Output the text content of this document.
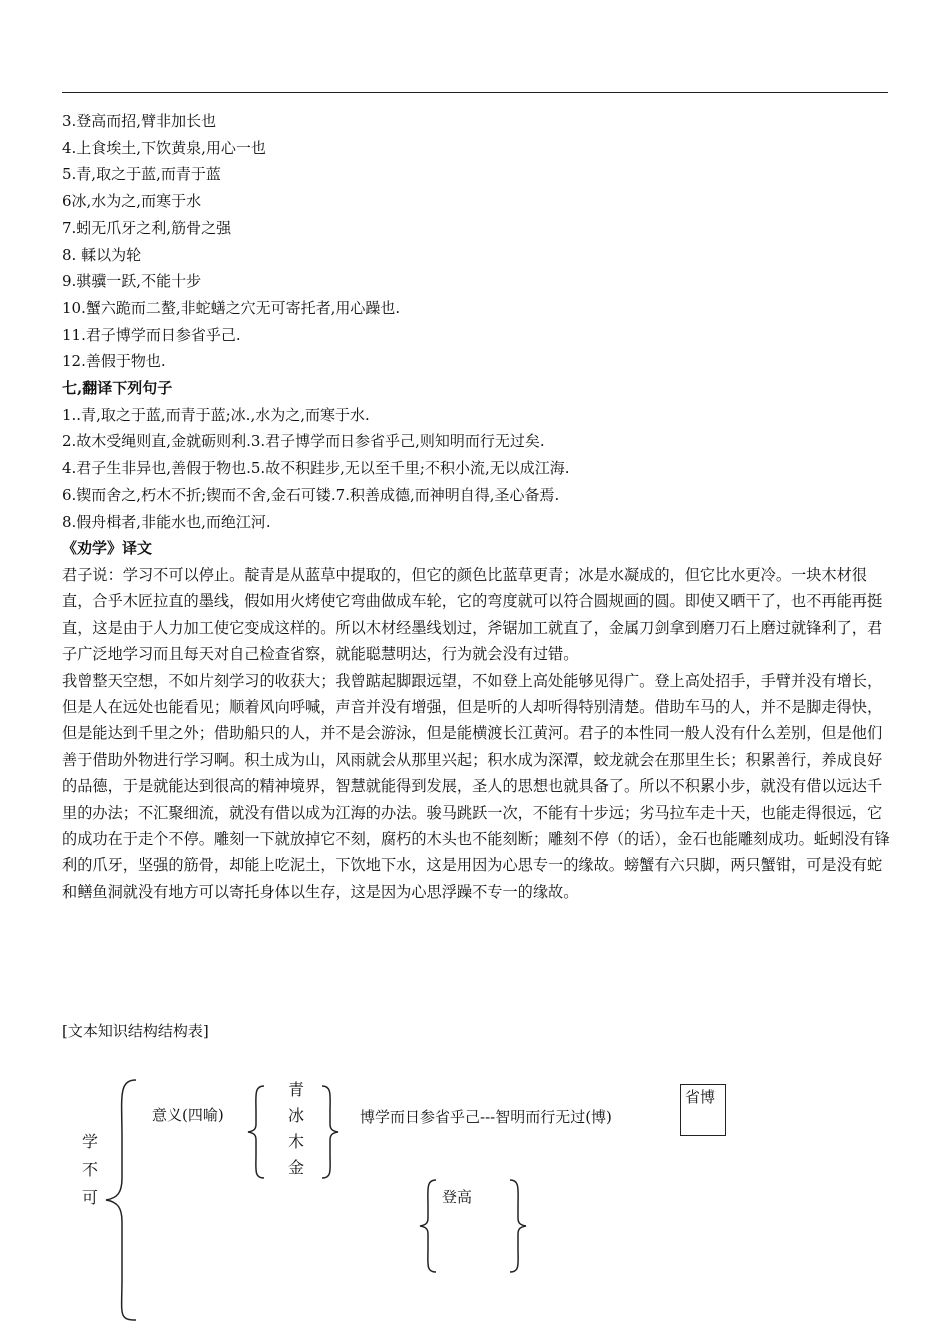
3.登高而招,臂非加长也
4.上食埃土,下饮黄泉,用心一也
5.青,取之于蓝,而青于蓝
6冰,水为之,而寒于水
7.蚓无爪牙之利,筋骨之强
8. 輮以为轮
9.骐骥一跃,不能十步
10.蟹六跪而二螯,非蛇蟮之穴无可寄托者,用心躁也.
11.君子博学而日参省乎己.
12.善假于物也.
七,翻译下列句子
1..青,取之于蓝,而青于蓝;冰.,水为之,而寒于水.
2.故木受绳则直,金就砺则利.3.君子博学而日参省乎己,则知明而行无过矣.
4.君子生非异也,善假于物也.5.故不积跬步,无以至千里;不积小流,无以成江海.
6.锲而舍之,朽木不折;锲而不舍,金石可镂.7.积善成德,而神明自得,圣心备焉.
8.假舟楫者,非能水也,而绝江河.
《劝学》译文
君子说：学习不可以停止。靛青是从蓝草中提取的，但它的颜色比蓝草更青；冰是水凝成的，但它比水更冷。一块木材很直，合乎木匠拉直的墨线，假如用火烤使它弯曲做成车轮，它的弯度就可以符合圆规画的圆。即使又晒干了，也不再能再挺直，这是由于人力加工使它变成这样的。所以木材经墨线划过，斧锯加工就直了，金属刀剑拿到磨刀石上磨过就锋利了，君子广泛地学习而且每天对自己检查省察，就能聪慧明达，行为就会没有过错。
我曾整天空想，不如片刻学习的收获大；我曾踮起脚跟远望，不如登上高处能够见得广。登上高处招手，手臂并没有增长，但是人在远处也能看见；顺着风向呼喊，声音并没有增强，但是听的人却听得特别清楚。借助车马的人，并不是脚走得快，但是能达到千里之外；借助船只的人，并不是会游泳，但是能横渡长江黄河。君子的本性同一般人没有什么差别，但是他们善于借助外物进行学习啊。积土成为山，风雨就会从那里兴起；积水成为深潭，蛟龙就会在那里生长；积累善行，养成良好的品德，于是就能达到很高的精神境界，智慧就能得到发展，圣人的思想也就具备了。所以不积累小步，就没有借以远达千里的办法；不汇聚细流，就没有借以成为江海的办法。骏马跳跃一次，不能有十步远；劣马拉车走十天，也能走得很远，它的成功在于走个不停。雕刻一下就放掉它不刻，腐朽的木头也不能刻断；雕刻不停（的话），金石也能雕刻成功。蚯蚓没有锋利的爪牙，坚强的筋骨，却能上吃泥土，下饮地下水，这是用因为心思专一的缘故。螃蟹有六只脚，两只蟹钳，可是没有蛇和鳝鱼洞就没有地方可以寄托身体以生存，这是因为心思浮躁不专一的缘故。
[文本知识结构结构表]
学
不
可
意义(四喻)
青
冰
木
金
博学而日参省乎己---智明而行无过(博)
省博
登高
